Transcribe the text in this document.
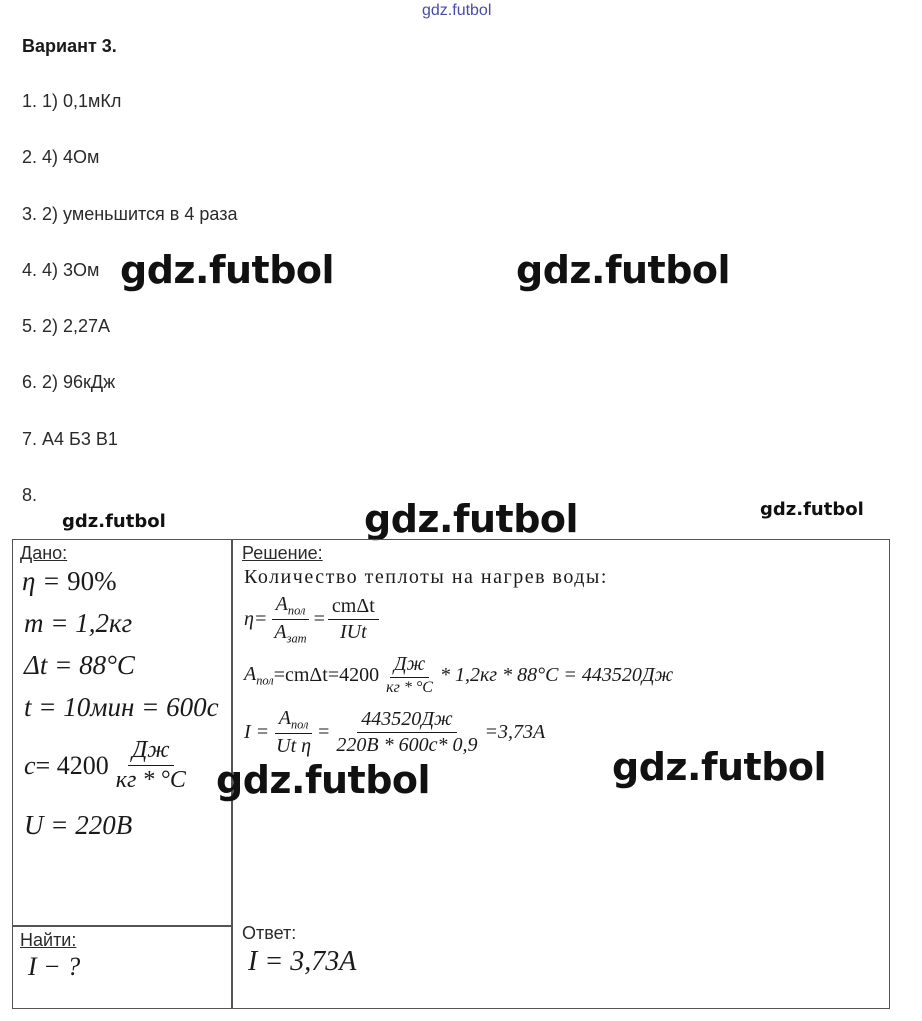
gdz.futbol
Вариант 3.
1. 1) 0,1мКл
2. 4) 4Ом
3. 2) уменьшится в 4 раза
4. 4) 3Ом
5. 2) 2,27А
6. 2) 96кДж
7. А4 Б3 В1
8.
gdz.futbol	gdz.futbol
gdz.futbol	gdz.futbol	gdz.futbol
Дано:
η = 90%
m = 1,2кг
Δt = 88°C
t = 10мин = 600с
$c = 4200 \frac{Дж}{кг * ^\circ C}$
U = 220В
Найти:
I − ?
Решение:
Количество теплоты на нагрев воды:
$\eta= \frac{A_{пол}}{A_{зат}} = \frac{\text{cmΔt}}{\text{IUt}}$
$A_{пол} =cm\Delta t=4200 \frac{Дж}{кг * ^\circ C} * 1,2кг * 88^\circ C = 443520Дж$
$I = \frac{A_{пол}}{\text{Ut η}} = \frac{443520Дж}{220В * 600с* 0,9} =3,73A$
gdz.futbol	gdz.futbol
Ответ:
I = 3,73A
